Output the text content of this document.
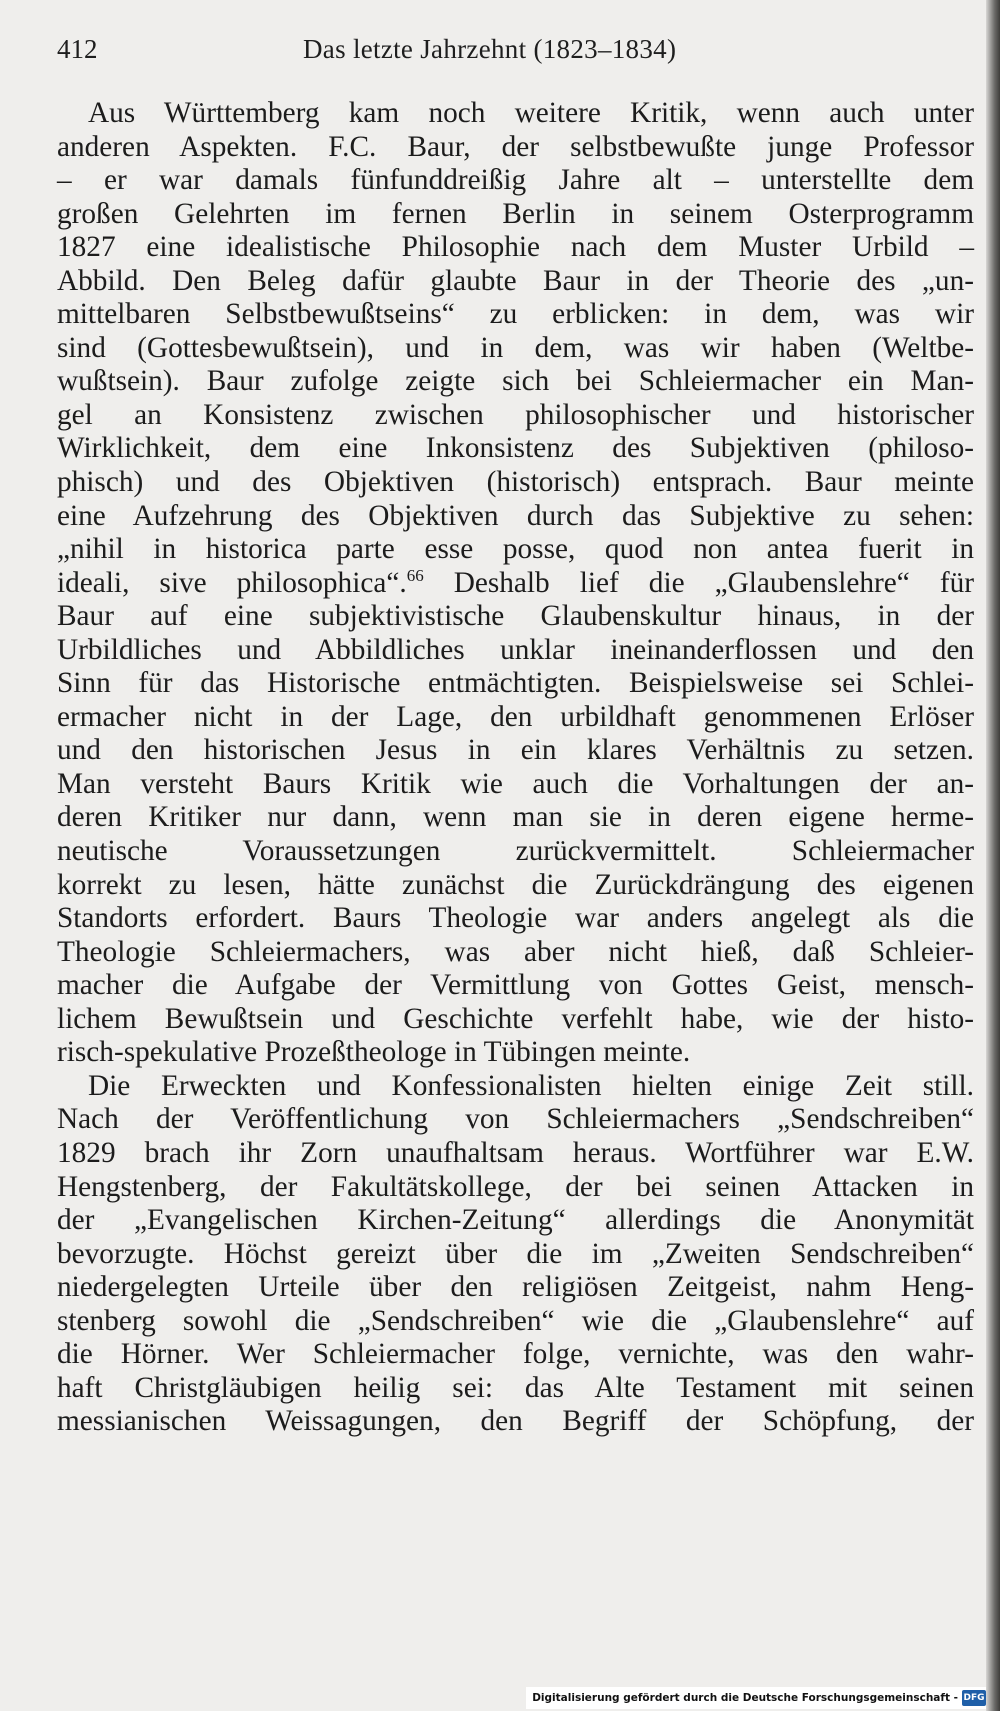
412	Das letzte Jahrzehnt (1823–1834)
Aus Württemberg kam noch weitere Kritik, wenn auch unter
anderen Aspekten. F.C. Baur, der selbstbewußte junge Professor
– er war damals fünfunddreißig Jahre alt – unterstellte dem
großen Gelehrten im fernen Berlin in seinem Osterprogramm
1827 eine idealistische Philosophie nach dem Muster Urbild –
Abbild. Den Beleg dafür glaubte Baur in der Theorie des „un-
mittelbaren Selbstbewußtseins“ zu erblicken: in dem, was wir
sind (Gottesbewußtsein), und in dem, was wir haben (Weltbe-
wußtsein). Baur zufolge zeigte sich bei Schleiermacher ein Man-
gel an Konsistenz zwischen philosophischer und historischer
Wirklichkeit, dem eine Inkonsistenz des Subjektiven (philoso-
phisch) und des Objektiven (historisch) entsprach. Baur meinte
eine Aufzehrung des Objektiven durch das Subjektive zu sehen:
„nihil in historica parte esse posse, quod non antea fuerit in
ideali, sive philosophica“.$^{66}$ Deshalb lief die „Glaubenslehre“ für
Baur auf eine subjektivistische Glaubenskultur hinaus, in der
Urbildliches und Abbildliches unklar ineinanderflossen und den
Sinn für das Historische entmächtigten. Beispielsweise sei Schlei-
ermacher nicht in der Lage, den urbildhaft genommenen Erlöser
und den historischen Jesus in ein klares Verhältnis zu setzen.
Man versteht Baurs Kritik wie auch die Vorhaltungen der an-
deren Kritiker nur dann, wenn man sie in deren eigene herme-
neutische Voraussetzungen zurückvermittelt. Schleiermacher
korrekt zu lesen, hätte zunächst die Zurückdrängung des eigenen
Standorts erfordert. Baurs Theologie war anders angelegt als die
Theologie Schleiermachers, was aber nicht hieß, daß Schleier-
macher die Aufgabe der Vermittlung von Gottes Geist, mensch-
lichem Bewußtsein und Geschichte verfehlt habe, wie der histo-
risch-spekulative Prozeßtheologe in Tübingen meinte.
Die Erweckten und Konfessionalisten hielten einige Zeit still.
Nach der Veröffentlichung von Schleiermachers „Sendschreiben“
1829 brach ihr Zorn unaufhaltsam heraus. Wortführer war E.W.
Hengstenberg, der Fakultätskollege, der bei seinen Attacken in
der „Evangelischen Kirchen-Zeitung“ allerdings die Anonymität
bevorzugte. Höchst gereizt über die im „Zweiten Sendschreiben“
niedergelegten Urteile über den religiösen Zeitgeist, nahm Heng-
stenberg sowohl die „Sendschreiben“ wie die „Glaubenslehre“ auf
die Hörner. Wer Schleiermacher folge, vernichte, was den wahr-
haft Christgläubigen heilig sei: das Alte Testament mit seinen
messianischen Weissagungen, den Begriff der Schöpfung, der
Digitalisierung gefördert durch die Deutsche Forschungsgemeinschaft - DFG
